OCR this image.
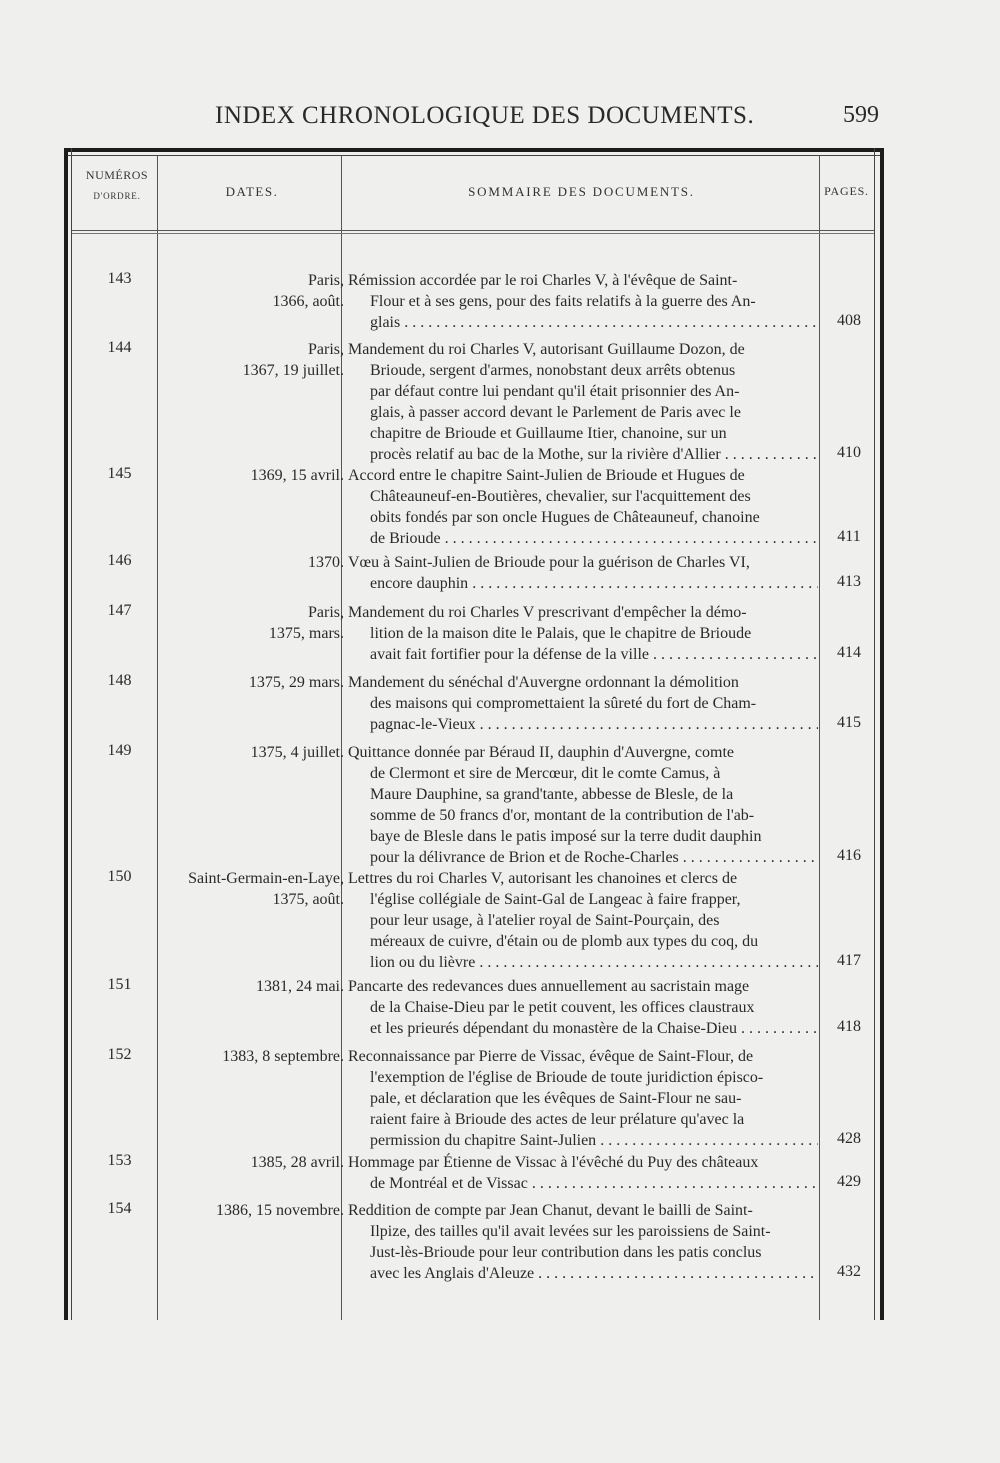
INDEX CHRONOLOGIQUE DES DOCUMENTS.	599
NUMÉROS
D'ORDRE.	DATES.	SOMMAIRE DES DOCUMENTS.	PAGES.
143	Paris,
1366, août.
Rémission accordée par le roi Charles V, à l'évêque de Saint-
Flour et à ses gens, pour des faits relatifs à la guerre des An-
glais . . .	408
144	Paris,
1367, 19 juillet.
Mandement du roi Charles V, autorisant Guillaume Dozon, de
Brioude, sergent d'armes, nonobstant deux arrêts obtenus
par défaut contre lui pendant qu'il était prisonnier des An-
glais, à passer accord devant le Parlement de Paris avec le
chapitre de Brioude et Guillaume Itier, chanoine, sur un
procès relatif au bac de la Mothe, sur la rivière d'Allier . . .	410
145	1369, 15 avril. Accord entre le chapitre Saint-Julien de Brioude et Hugues de
Châteauneuf-en-Boutières, chevalier, sur l'acquittement des
obits fondés par son oncle Hugues de Châteauneuf, chanoine
de Brioude . . .	411
146	1370. Vœu à Saint-Julien de Brioude pour la guérison de Charles VI,
encore dauphin . . .	413
147	Paris,
1375, mars.
Mandement du roi Charles V prescrivant d'empêcher la démo-
lition de la maison dite le Palais, que le chapitre de Brioude
avait fait fortifier pour la défense de la ville . . .	414
148	1375, 29 mars. Mandement du sénéchal d'Auvergne ordonnant la démolition
des maisons qui compromettaient la sûreté du fort de Cham-
pagnac-le-Vieux . . .	415
149	1375, 4 juillet. Quittance donnée par Béraud II, dauphin d'Auvergne, comte
de Clermont et sire de Mercœur, dit le comte Camus, à
Maure Dauphine, sa grand'tante, abbesse de Blesle, de la
somme de 50 francs d'or, montant de la contribution de l'ab-
baye de Blesle dans le patis imposé sur la terre dudit dauphin
pour la délivrance de Brion et de Roche-Charles . . .	416
150	Saint-Germain-en-Laye,
1375, août.
Lettres du roi Charles V, autorisant les chanoines et clercs de
l'église collégiale de Saint-Gal de Langeac à faire frapper,
pour leur usage, à l'atelier royal de Saint-Pourçain, des
méreaux de cuivre, d'étain ou de plomb aux types du coq, du
lion ou du lièvre . . .	417
151	1381, 24 mai. Pancarte des redevances dues annuellement au sacristain mage
de la Chaise-Dieu par le petit couvent, les offices claustraux
et les prieurés dépendant du monastère de la Chaise-Dieu . . .	418
152	1383, 8 septembre. Reconnaissance par Pierre de Vissac, évêque de Saint-Flour, de
l'exemption de l'église de Brioude de toute juridiction épisco-
pale, et déclaration que les évêques de Saint-Flour ne sau-
raient faire à Brioude des actes de leur prélature qu'avec la
permission du chapitre Saint-Julien . . .	428
153	1385, 28 avril. Hommage par Étienne de Vissac à l'évêché du Puy des châteaux
de Montréal et de Vissac . . .	429
154	1386, 15 novembre. Reddition de compte par Jean Chanut, devant le bailli de Saint-
Ilpize, des tailles qu'il avait levées sur les paroissiens de Saint-
Just-lès-Brioude pour leur contribution dans les patis conclus
avec les Anglais d'Aleuze . . .	432
